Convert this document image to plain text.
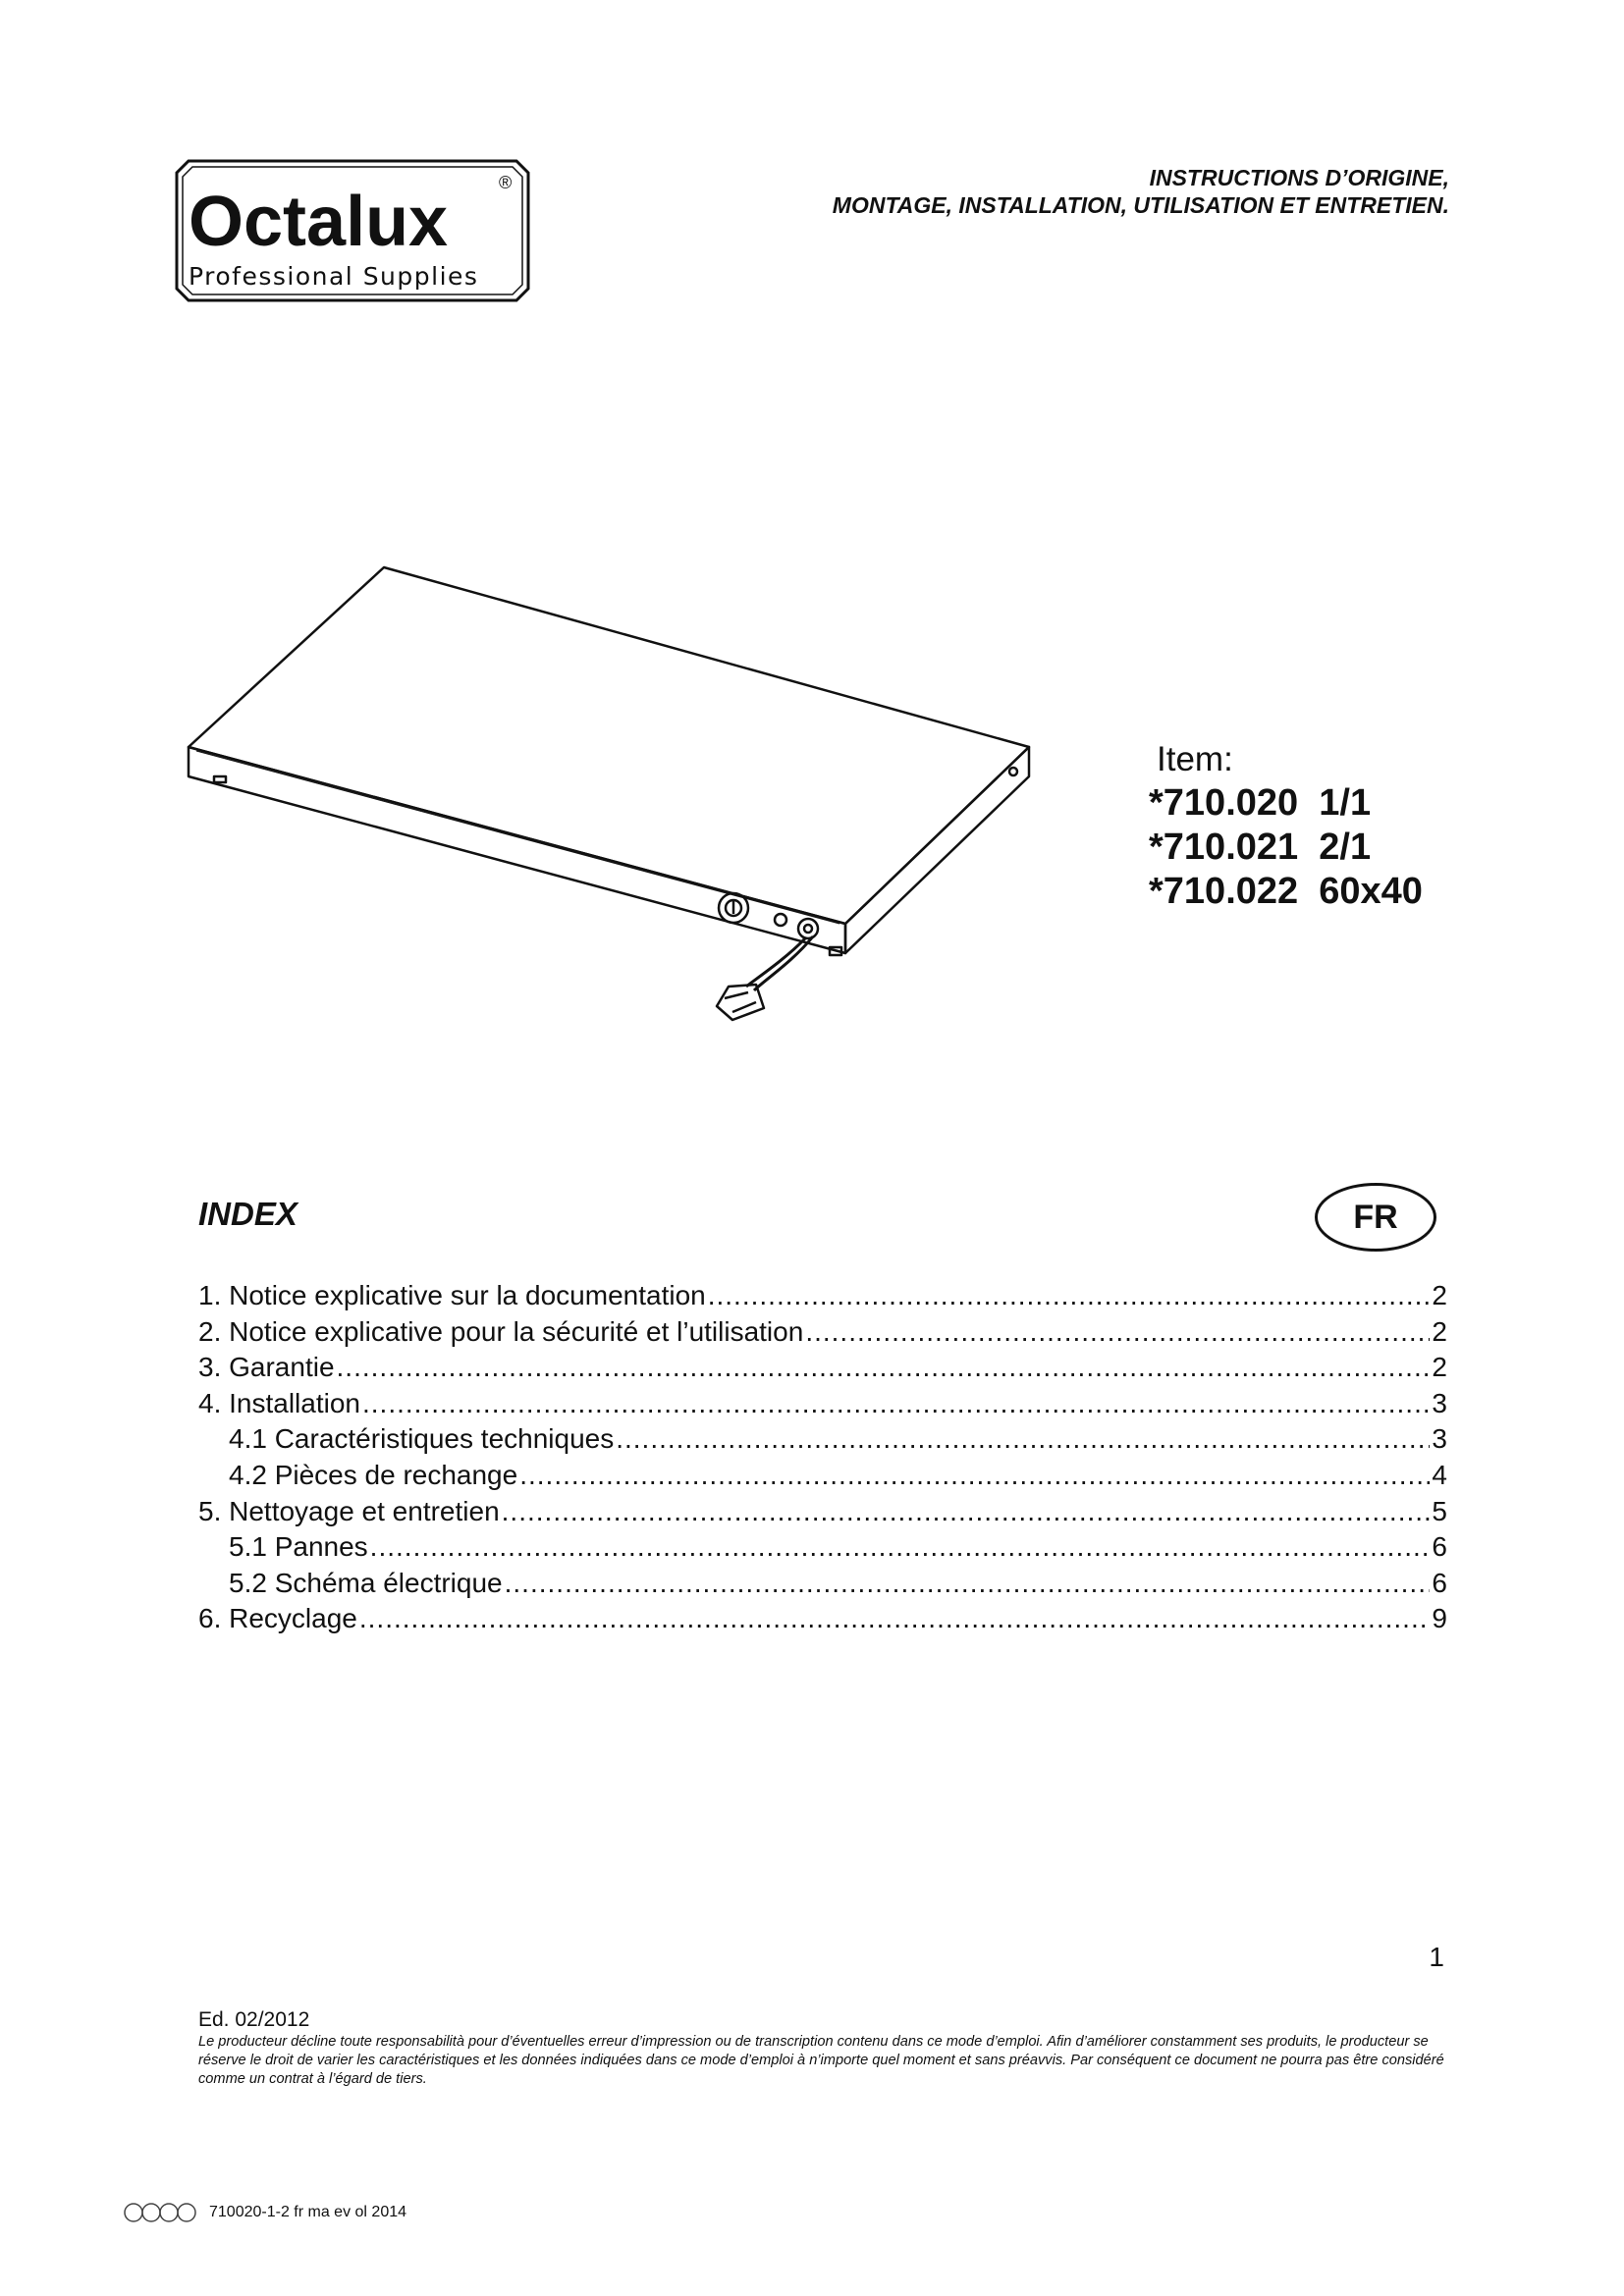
Octalux	®
Professional Supplies
INSTRUCTIONS D’ORIGINE,
MONTAGE, INSTALLATION, UTILISATION ET ENTRETIEN.
Item:
*710.020  1/1
*710.021  2/1
*710.022  60x40
INDEX	FR
1. Notice explicative sur la documentation .....	2
2. Notice explicative pour la sécurité et l’utilisation .....	2
3. Garantie .....	2
4. Installation .....	3
4.1 Caractéristiques techniques .....	3
4.2 Pièces de rechange .....	4
5. Nettoyage et entretien .....	5
5.1 Pannes .....	6
5.2 Schéma électrique .....	6
6. Recyclage .....	9
1
Ed. 02/2012
Le producteur décline toute responsabilità pour d’éventuelles erreur d’impression ou de transcription contenu dans ce mode d’emploi. Afin d’améliorer constamment ses produits, le producteur se réserve le droit de varier les caractéristiques et les données indiquées dans ce mode d’emploi à n’importe quel moment et sans préavvis. Par conséquent ce document ne pourra pas être considéré comme un contrat à l’égard de tiers.
710020-1-2 fr ma ev ol 2014
